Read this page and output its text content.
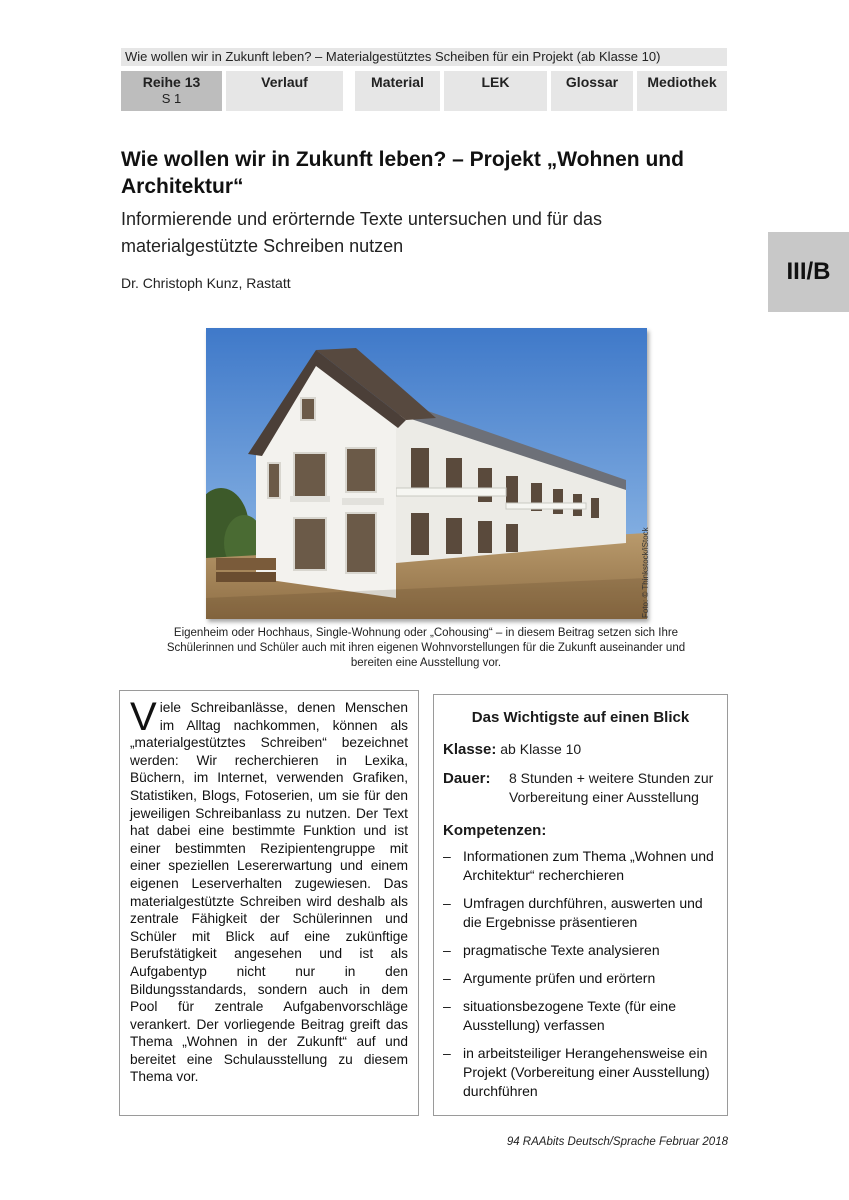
Wie wollen wir in Zukunft leben? – Materialgestütztes Scheiben für ein Projekt (ab Klasse 10)
Reihe 13
S 1
Verlauf	Material	LEK	Glossar	Mediothek
III/B
Wie wollen wir in Zukunft leben? – Projekt „Wohnen und Architektur“
Informierende und erörternde Texte untersuchen und für das materialgestützte Schreiben nutzen
Dr. Christoph Kunz, Rastatt
Foto: © Thinkstock/iStock
Eigenheim oder Hochhaus, Single-Wohnung oder „Cohousing“ – in diesem Beitrag setzen sich Ihre Schülerinnen und Schüler auch mit ihren eigenen Wohnvorstellungen für die Zukunft auseinander und bereiten eine Ausstellung vor.
Viele Schreibanlässe, denen Menschen im Alltag nachkommen, können als „materialgestütztes Schreiben“ bezeichnet werden: Wir recherchieren in Lexika, Büchern, im Internet, verwenden Grafiken, Statistiken, Blogs, Fotoserien, um sie für den jeweiligen Schreibanlass zu nutzen. Der Text hat dabei eine bestimmte Funktion und ist einer bestimmten Rezipientengruppe mit einer speziellen Lesererwartung und einem eigenen Leserverhalten zugewiesen. Das materialgestützte Schreiben wird deshalb als zentrale Fähigkeit der Schülerinnen und Schüler mit Blick auf eine zukünftige Berufstätigkeit angesehen und ist als Aufgabentyp nicht nur in den Bildungsstandards, sondern auch in dem Pool für zentrale Aufgabenvorschläge verankert. Der vorliegende Beitrag greift das Thema „Wohnen in der Zukunft“ auf und bereitet eine Schulausstellung zu diesem Thema vor.
Das Wichtigste auf einen Blick
Klasse: ab Klasse 10
Dauer:	8 Stunden + weitere Stunden zur Vorbereitung einer Ausstellung
Kompetenzen:
– Informationen zum Thema „Wohnen und Architektur“ recherchieren
– Umfragen durchführen, auswerten und die Ergebnisse präsentieren
– pragmatische Texte analysieren
– Argumente prüfen und erörtern
– situationsbezogene Texte (für eine Ausstellung) verfassen
– in arbeitsteiliger Herangehensweise ein Projekt (Vorbereitung einer Ausstellung) durchführen
94 RAAbits Deutsch/Sprache Februar 2018
